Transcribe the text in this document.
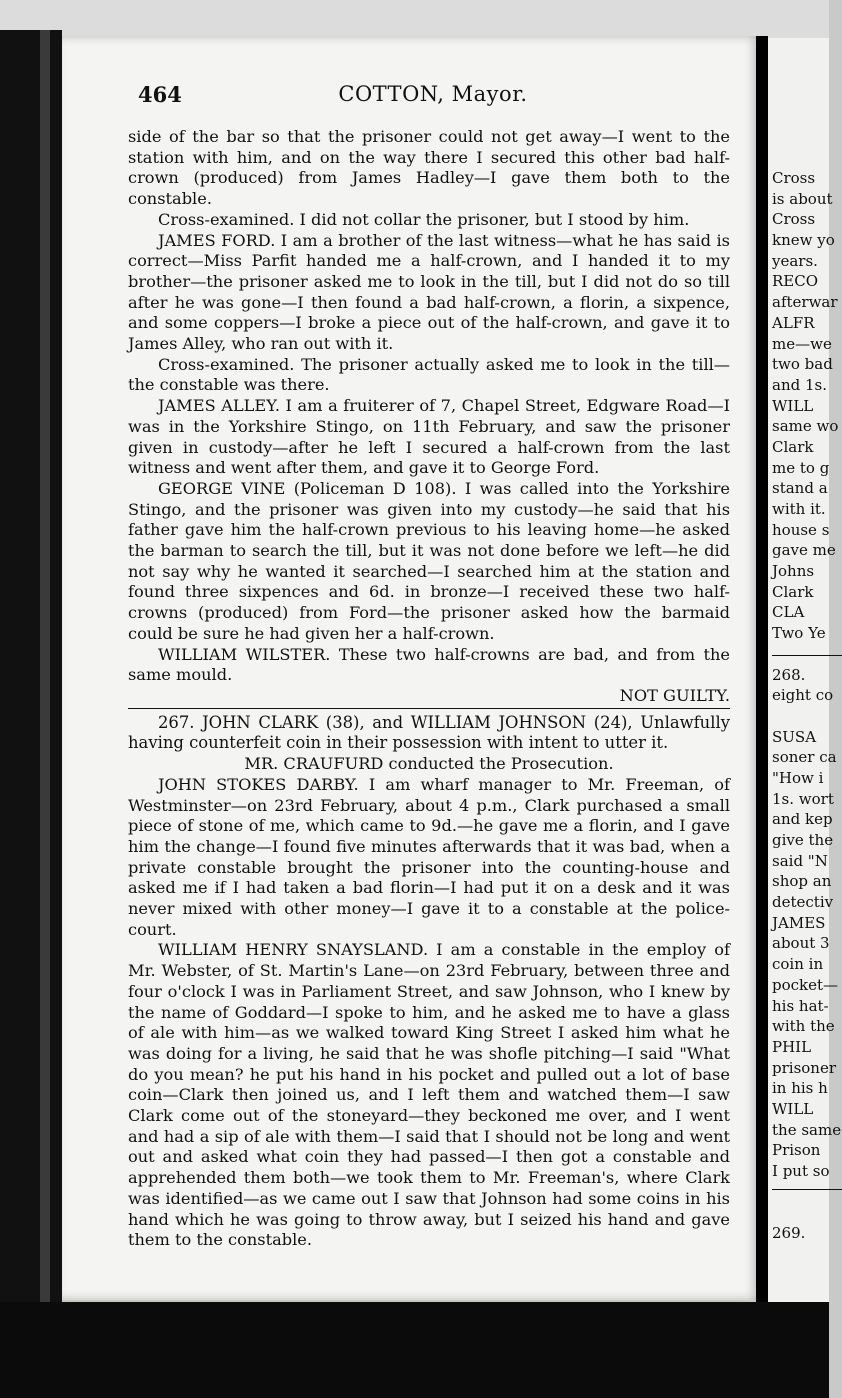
Cross
is about
Cross
knew yo
years.
RECO
afterwar
ALFR
me—we
two bad
and 1s.
WILL
same wo
Clark
me to g
stand a
with it.
house s
gave me
Johns
Clark
CLA
Two Ye
268.
eight co
SUSA
soner ca
"How i
1s. wort
and kep
give the
said "N
shop an
detectiv
JAMES
about 3
coin in
pocket—
his hat-
with the
PHIL
prisoner
in his h
WILL
the same
Prison
I put so
269.
COTTON, Mayor.
464

side of the bar so that the prisoner could not get away—I went to the station with him, and on the way there I secured this other bad half-crown (produced) from James Hadley—I gave them both to the constable.

Cross-examined. I did not collar the prisoner, but I stood by him.

JAMES FORD. I am a brother of the last witness—what he has said is correct—Miss Parfit handed me a half-crown, and I handed it to my brother—the prisoner asked me to look in the till, but I did not do so till after he was gone—I then found a bad half-crown, a florin, a sixpence, and some coppers—I broke a piece out of the half-crown, and gave it to James Alley, who ran out with it.

Cross-examined. The prisoner actually asked me to look in the till—the constable was there.

JAMES ALLEY. I am a fruiterer of 7, Chapel Street, Edgware Road—I was in the Yorkshire Stingo, on 11th February, and saw the prisoner given in custody—after he left I secured a half-crown from the last witness and went after them, and gave it to George Ford.

GEORGE VINE (Policeman D 108). I was called into the Yorkshire Stingo, and the prisoner was given into my custody—he said that his father gave him the half-crown previous to his leaving home—he asked the barman to search the till, but it was not done before we left—he did not say why he wanted it searched—I searched him at the station and found three sixpences and 6d. in bronze—I received these two half-crowns (produced) from Ford—the prisoner asked how the barmaid could be sure he had given her a half-crown.

WILLIAM WILSTER. These two half-crowns are bad, and from the same mould.

NOT GUILTY.

267. JOHN CLARK (38), and WILLIAM JOHNSON (24), Unlawfully having counterfeit coin in their possession with intent to utter it.

MR. CRAUFURD conducted the Prosecution.

JOHN STOKES DARBY. I am wharf manager to Mr. Freeman, of Westminster—on 23rd February, about 4 p.m., Clark purchased a small piece of stone of me, which came to 9d.—he gave me a florin, and I gave him the change—I found five minutes afterwards that it was bad, when a private constable brought the prisoner into the counting-house and asked me if I had taken a bad florin—I had put it on a desk and it was never mixed with other money—I gave it to a constable at the police-court.

WILLIAM HENRY SNAYSLAND. I am a constable in the employ of Mr. Webster, of St. Martin's Lane—on 23rd February, between three and four o'clock I was in Parliament Street, and saw Johnson, who I knew by the name of Goddard—I spoke to him, and he asked me to have a glass of ale with him—as we walked toward King Street I asked him what he was doing for a living, he said that he was shofle pitching—I said "What do you mean? he put his hand in his pocket and pulled out a lot of base coin—Clark then joined us, and I left them and watched them—I saw Clark come out of the stoneyard—they beckoned me over, and I went and had a sip of ale with them—I said that I should not be long and went out and asked what coin they had passed—I then got a constable and apprehended them both—we took them to Mr. Freeman's, where Clark was identified—as we came out I saw that Johnson had some coins in his hand which he was going to throw away, but I seized his hand and gave them to the constable.
